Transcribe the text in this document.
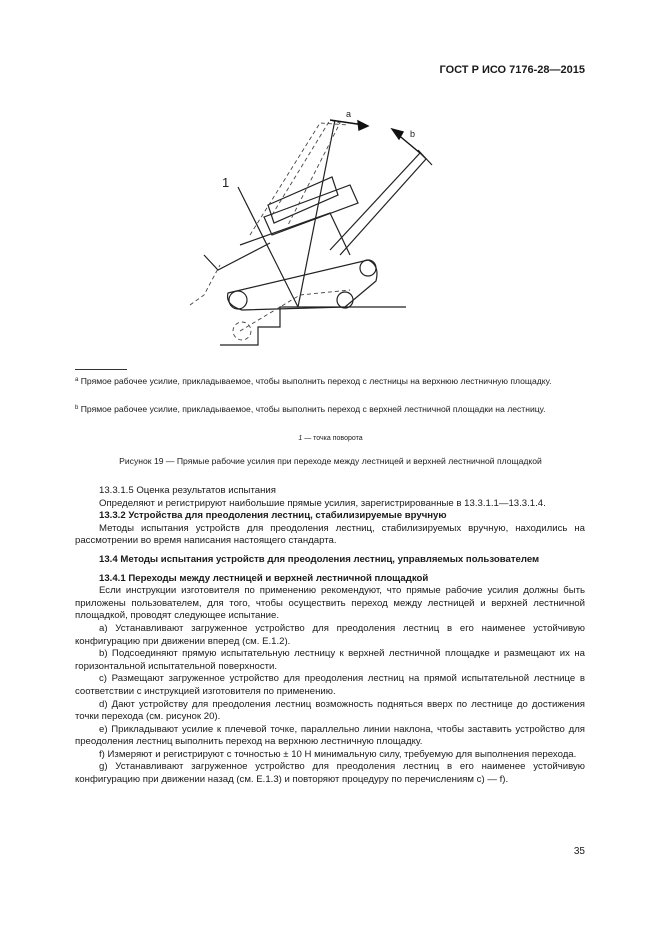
ГОСТ Р ИСО 7176-28—2015
a
b
1
$^a$ Прямое рабочее усилие, прикладываемое, чтобы выполнить переход с лестницы на верхнюю лестничную площадку.
$^b$ Прямое рабочее усилие, прикладываемое, чтобы выполнить переход с верхней лестничной площадки на лестницу.
1 — точка поворота
Рисунок 19 — Прямые рабочие усилия при переходе между лестницей и верхней лестничной площадкой

13.3.1.5 Оценка результатов испытания

Определяют и регистрируют наибольшие прямые усилия, зарегистрированные в 13.3.1.1—13.3.1.4.

13.3.2 Устройства для преодоления лестниц, стабилизируемые вручную

Методы испытания устройств для преодоления лестниц, стабилизируемых вручную, находились на рассмотрении во время написания настоящего стандарта.

13.4 Методы испытания устройств для преодоления лестниц, управляемых пользователем

13.4.1 Переходы между лестницей и верхней лестничной площадкой

Если инструкции изготовителя по применению рекомендуют, что прямые рабочие усилия должны быть приложены пользователем, для того, чтобы осуществить переход между лестницей и верхней лестничной площадкой, проводят следующее испытание.

a) Устанавливают загруженное устройство для преодоления лестниц в его наименее устойчивую конфигурацию при движении вперед (см. Е.1.2).

b) Подсоединяют прямую испытательную лестницу к верхней лестничной площадке и размещают их на горизонтальной испытательной поверхности.

c) Размещают загруженное устройство для преодоления лестниц на прямой испытательной лестнице в соответствии с инструкцией изготовителя по применению.

d) Дают устройству для преодоления лестниц возможность подняться вверх по лестнице до достижения точки перехода (см. рисунок 20).

e) Прикладывают усилие к плечевой точке, параллельно линии наклона, чтобы заставить устройство для преодоления лестниц выполнить переход на верхнюю лестничную площадку.

f) Измеряют и регистрируют с точностью ± 10 Н минимальную силу, требуемую для выполнения перехода.

g) Устанавливают загруженное устройство для преодоления лестниц в его наименее устойчивую конфигурацию при движении назад (см. Е.1.3) и повторяют процедуру по перечислениям c) — f).

35
